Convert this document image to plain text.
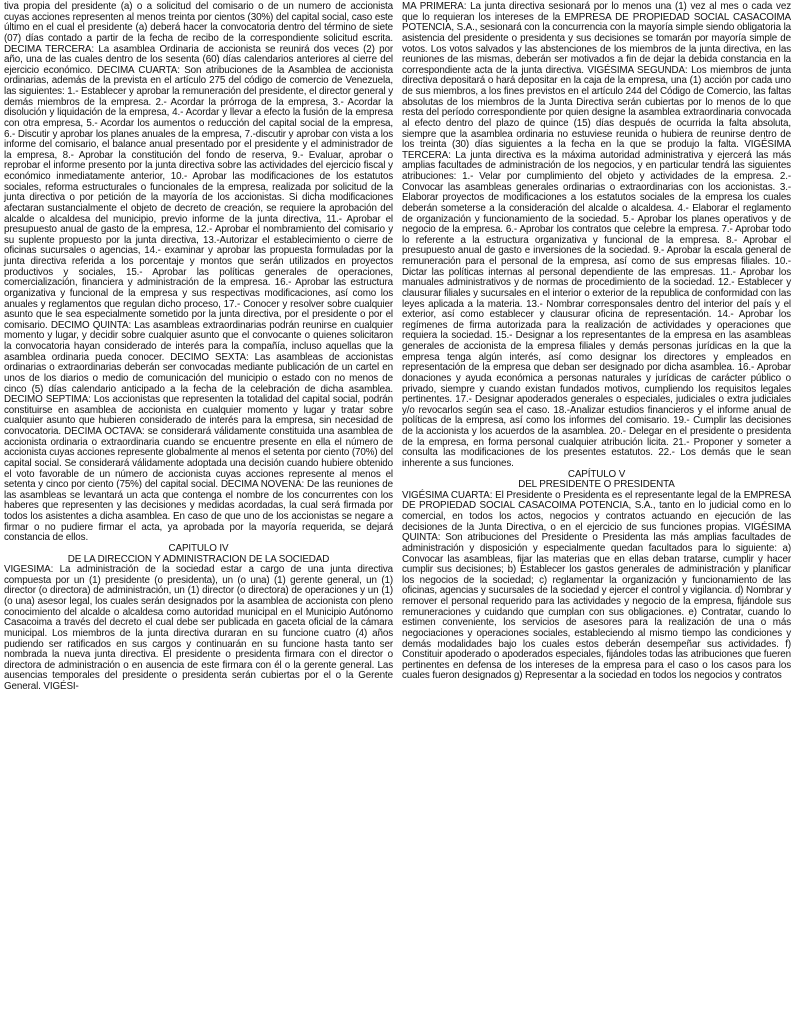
tiva propia del presidente (a) o a solicitud del comisario o de un numero de accionista cuyas acciones representen al menos treinta por cientos (30%) del capital social, caso este último en el cual el presidente (a) deberá hacer la convocatoria dentro del término de siete (07) días contado a partir de la fecha de recibo de la correspondiente solicitud escrita. DECIMA TERCERA: La asamblea Ordinaria de accionista se reunirá dos veces (2) por año, una de las cuales dentro de los sesenta (60) días calendarios anteriores al cierre del ejercicio económico. DECIMA CUARTA: Son atribuciones de la Asamblea de accionista ordinarias, además de la prevista en el artículo 275 del código de comercio de Venezuela, las siguientes: 1.- Establecer y aprobar la remuneración del presidente, el director general y demás miembros de la empresa. 2.- Acordar la prórroga de la empresa, 3.- Acordar la disolución y liquidación de la empresa, 4.- Acordar y llevar a efecto la fusión de la empresa con otra empresa, 5.- Acordar los aumentos o reducción del capital social de la empresa, 6.- Discutir y aprobar los planes anuales de la empresa, 7.-discutir y aprobar con vista a los informe del comisario, el balance anual presentado por el presidente y el administrador de la empresa, 8.- Aprobar la constitución del fondo de reserva, 9.- Evaluar, aprobar o reprobar el informe presento por la junta directiva sobre las actividades del ejercicio fiscal y económico inmediatamente anterior, 10.- Aprobar las modificaciones de los estatutos sociales, reforma estructurales o funcionales de la empresa, realizada por solicitud de la junta directiva o por petición de la mayoría de los accionistas. Si dicha modificaciones afectaran sustancialmente el objeto de decreto de creación, se requiere la aprobación del alcalde o alcaldesa del municipio, previo informe de la junta directiva, 11.- Aprobar el presupuesto anual de gasto de la empresa, 12.- Aprobar el nombramiento del comisario y su suplente propuesto por la junta directiva, 13.-Autorizar el establecimiento o cierre de oficinas sucursales o agencias, 14.- examinar y aprobar las propuesta formuladas por la junta directiva referida a los porcentaje y montos que serán utilizados en proyectos productivos y sociales, 15.- Aprobar las políticas generales de operaciones, comercialización, financiera y administración de la empresa. 16.- Aprobar las estructura organizativa y funcional de la empresa y sus respectivas modificaciones, así como los anuales y reglamentos que regulan dicho proceso, 17.- Conocer y resolver sobre cualquier asunto que le sea especialmente sometido por la junta directiva, por el presidente o por el comisario. DECIMO QUINTA: Las asambleas extraordinarias podrán reunirse en cualquier momento y lugar, y decidir sobre cualquier asunto que el convocante o quienes solicitaron la convocatoria hayan considerado de interés para la compañía, incluso aquellas que la asamblea ordinaria pueda conocer. DECIMO SEXTA: Las asambleas de accionistas ordinarias o extraordinarias deberán ser convocadas mediante publicación de un cartel en unos de los diarios o medio de comunicación del municipio o estado con no menos de cinco (5) días calendario anticipado a la fecha de la celebración de dicha asamblea. DECIMO SEPTIMA: Los accionistas que representen la totalidad del capital social, podrán constituirse en asamblea de accionista en cualquier momento y lugar y tratar sobre cualquier asunto que hubieren considerado de interés para la empresa, sin necesidad de convocatoria. DECIMA OCTAVA: se considerará válidamente constituida una asamblea de accionista ordinaria o extraordinaria cuando se encuentre presente en ella el número de accionista cuyas acciones represente globalmente al menos el setenta por ciento (70%) del capital social. Se considerará válidamente adoptada una decisión cuando hubiere obtenido el voto favorable de un número de accionista cuyas acciones represente al menos el setenta y cinco por ciento (75%) del capital social. DECIMA NOVENA: De las reuniones de las asambleas se levantará un acta que contenga el nombre de los concurrentes con los haberes que representen y las decisiones y medidas acordadas, la cual será firmada por todos los asistentes a dicha asamblea. En caso de que uno de los accionistas se negare a firmar o no pudiere firmar el acta, ya aprobada por la mayoría requerida, se dejará constancia de ellos.

CAPITULO IV

DE LA DIRECCION Y ADMINISTRACION DE LA SOCIEDAD

VIGESIMA: La administración de la sociedad estar a cargo de una junta directiva compuesta por un (1) presidente (o presidenta), un (o una) (1) gerente general, un (1) director (o directora) de administración, un (1) director (o directora) de operaciones y un (1) (o una) asesor legal, los cuales serán designados por la asamblea de accionista con pleno conocimiento del alcalde o alcaldesa como autoridad municipal en el Municipio Autónomo Casacoima a través del decreto el cual debe ser publicada en gaceta oficial de la cámara municipal. Los miembros de la junta directiva duraran en su funcione cuatro (4) años pudiendo ser ratificados en sus cargos y continuarán en su funcione hasta tanto ser nombrada la nueva junta directiva. El presidente o presidenta firmara con el director o directora de administración o en ausencia de este firmara con él o la gerente general. Las ausencias temporales del presidente o presidenta serán cubiertas por el o la Gerente General. VIGÉSI-

MA PRIMERA: La junta directiva sesionará por lo menos una (1) vez al mes o cada vez que lo requieran los intereses de la EMPRESA DE PROPIEDAD SOCIAL CASACOIMA POTENCIA, S.A., sesionará con la concurrencia con la mayoría simple siendo obligatoria la asistencia del presidente o presidenta y sus decisiones se tomarán por mayoría simple de votos. Los votos salvados y las abstenciones de los miembros de la junta directiva, en las reuniones de las mismas, deberán ser motivados a fin de dejar la debida constancia en la correspondiente acta de la junta directiva. VIGÉSIMA SEGUNDA: Los miembros de junta directiva depositará o hará depositar en la caja de la empresa, una (1) acción por cada uno de sus miembros, a los fines previstos en el artículo 244 del Código de Comercio, las faltas absolutas de los miembros de la Junta Directiva serán cubiertas por lo menos de lo que resta del período correspondiente por quien designe la asamblea extraordinaria convocada al efecto dentro del plazo de quince (15) días después de ocurrida la falta absoluta, siempre que la asamblea ordinaria no estuviese reunida o hubiera de reunirse dentro de los treinta (30) días siguientes a la fecha en la que se produjo la falta. VIGÉSIMA TERCERA: La junta directiva es la máxima autoridad administrativa y ejercerá las más amplias facultades de administración de los negocios, y en particular tendrá las siguientes atribuciones: 1.- Velar por cumplimiento del objeto y actividades de la empresa. 2.- Convocar las asambleas generales ordinarias o extraordinarias con los accionistas. 3.- Elaborar proyectos de modificaciones a los estatutos sociales de la empresa los cuales deberán someterse a la consideración del alcalde o alcaldesa. 4.- Elaborar el reglamento de organización y funcionamiento de la sociedad. 5.- Aprobar los planes operativos y de negocio de la empresa. 6.- Aprobar los contratos que celebre la empresa. 7.- Aprobar todo lo referente a la estructura organizativa y funcional de la empresa. 8.- Aprobar el presupuesto anual de gasto e inversiones de la sociedad. 9.- Aprobar la escala general de remuneración para el personal de la empresa, así como de sus empresas filiales. 10.- Dictar las políticas internas al personal dependiente de las empresas. 11.- Aprobar los manuales administrativos y de normas de procedimiento de la sociedad. 12.- Establecer y clausurar filiales y sucursales en el interior o exterior de la republica de conformidad con las leyes aplicada a la materia. 13.- Nombrar corresponsales dentro del interior del país y el exterior, así como establecer y clausurar oficina de representación. 14.- Aprobar los regímenes de firma autorizada para la realización de actividades y operaciones que requiera la sociedad. 15.- Designar a los representantes de la empresa en las asambleas generales de accionista de la empresa filiales y demás personas jurídicas en la que la empresa tenga algún interés, así como designar los directores y empleados en representación de la empresa que deban ser designado por dicha asamblea. 16.- Aprobar donaciones y ayuda económica a personas naturales y jurídicas de carácter público o privado, siempre y cuando existan fundados motivos, cumpliendo los requisitos legales pertinentes. 17.- Designar apoderados generales o especiales, judiciales o extra judiciales y/o revocarlos según sea el caso. 18.-Analizar estudios financieros y el informe anual de políticas de la empresa, así como los informes del comisario. 19.- Cumplir las decisiones de la accionista y los acuerdos de la asamblea. 20.- Delegar en el presidente o presidenta de la empresa, en forma personal cualquier atribución licita. 21.- Proponer y someter a consulta las modificaciones de los presentes estatutos. 22.- Los demás que le sean inherente a sus funciones.

CAPÍTULO V

DEL PRESIDENTE O PRESIDENTA

VIGÉSIMA CUARTA: El Presidente o Presidenta es el representante legal de la EMPRESA DE PROPIEDAD SOCIAL CASACOIMA POTENCIA, S.A., tanto en lo judicial como en lo comercial, en todos los actos, negocios y contratos actuando en ejecución de las decisiones de la Junta Directiva, o en el ejercicio de sus funciones propias. VIGÉSIMA QUINTA: Son atribuciones del Presidente o Presidenta las más amplias facultades de administración y disposición y especialmente quedan facultados para lo siguiente: a) Convocar las asambleas, fijar las materias que en ellas deban tratarse, cumplir y hacer cumplir sus decisiones; b) Establecer los gastos generales de administración y planificar los negocios de la sociedad; c) reglamentar la organización y funcionamiento de las oficinas, agencias y sucursales de la sociedad y ejercer el control y vigilancia. d) Nombrar y remover el personal requerido para las actividades y negocio de la empresa, fijándole sus remuneraciones y cuidando que cumplan con sus obligaciones. e) Contratar, cuando lo estimen conveniente, los servicios de asesores para la realización de una o más negociaciones y operaciones sociales, estableciendo al mismo tiempo las condiciones y demás modalidades bajo los cuales estos deberán desempeñar sus actividades. f) Constituir apoderado o apoderados especiales, fijándoles todas las atribuciones que fueren pertinentes en defensa de los intereses de la empresa para el caso o los casos para los cuales fueron designados g) Representar a la sociedad en todos los negocios y contratos
